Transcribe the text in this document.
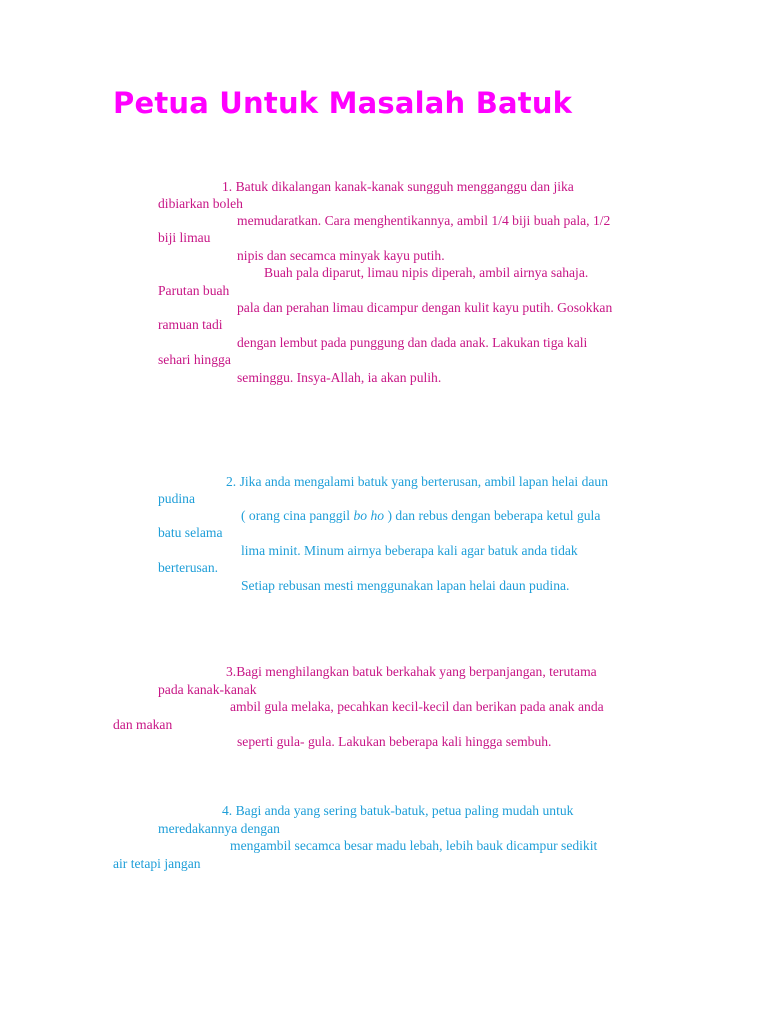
Petua Untuk Masalah Batuk
1. Batuk dikalangan kanak-kanak sungguh mengganggu dan jika
dibiarkan boleh
memudaratkan. Cara menghentikannya, ambil 1/4 biji buah pala, 1/2
biji limau
nipis dan secamca minyak kayu putih.
Buah pala diparut, limau nipis diperah, ambil airnya sahaja.
Parutan buah
pala dan perahan limau dicampur dengan kulit kayu putih. Gosokkan
ramuan tadi
dengan lembut pada punggung dan dada anak. Lakukan tiga kali
sehari hingga
seminggu. Insya-Allah, ia akan pulih.
2. Jika anda mengalami batuk yang berterusan, ambil lapan helai daun
pudina
( orang cina panggil bo ho ) dan rebus dengan beberapa ketul gula
batu selama
lima minit. Minum airnya beberapa kali agar batuk anda tidak
berterusan.
Setiap rebusan mesti menggunakan lapan helai daun pudina.
3.Bagi menghilangkan batuk berkahak yang berpanjangan, terutama
pada kanak-kanak
ambil gula melaka, pecahkan kecil-kecil dan berikan pada anak anda
dan makan
seperti gula- gula. Lakukan beberapa kali hingga sembuh.
4. Bagi anda yang sering batuk-batuk, petua paling mudah untuk
meredakannya dengan
mengambil secamca besar madu lebah, lebih bauk dicampur sedikit
air tetapi jangan
